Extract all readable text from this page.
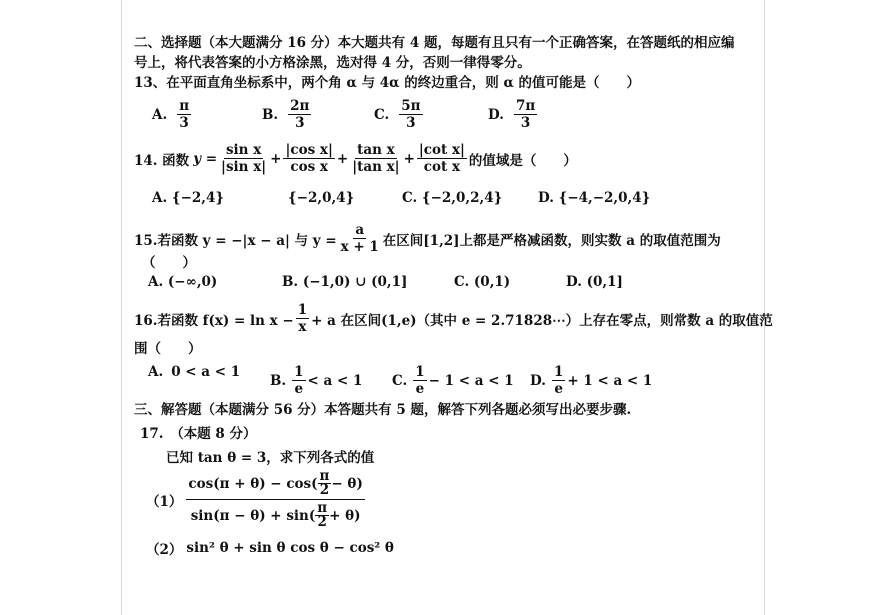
二、选择题（本大题满分 16 分）本大题共有 4 题，每题有且只有一个正确答案，在答题纸的相应编
号上，将代表答案的小方格涂黑，选对得 4 分，否则一律得零分。
13、在平面直角坐标系中，两个角 α 与 4α 的终边重合，则 α 的值可能是（　　）
A.
π
3
B.
2π
3
C.
5π
3
D.
7π
3
14. 函数 $y = \frac{\text{sin x}}{\text{|sin x|}} + \frac{\text{|cos x|}}{\text{cos x}} + \frac{\text{tan x}}{\text{|tan x|}} + \frac{\text{|cot x|}}{\text{cot x}}$ 的值域是（　　）
A. {−2,4}	{−2,0,4}	C. {−2,0,2,4}	D. {−4,−2,0,4}
15.若函数 y = −|x − a| 与 $y = \frac{a}{x + 1}$ 在区间[1,2]上都是严格减函数，则实数 a 的取值范围为
（　　）
A. (−∞,0)	B. (−1,0) ∪ (0,1]	C. (0,1)	D. (0,1]
16.若函数 $f(x) = \ln x - \frac{1}{x} + a$ 在区间(1,e)（其中 e = 2.71828⋯）上存在零点，则常数 a 的取值范
围（　　）
A. 0 < a < 1
B.
1
e
< a < 1 C.
1
e
− 1 < a < 1 D.
1
e
+ 1 < a < 1
三、解答题（本题满分 56 分）本答题共有 5 题，解答下列各题必须写出必要步骤.
17.　（本题 8 分）
已知 tan θ = 3，求下列各式的值
（1）
cos(π + θ) − cos( π
2 − θ)
sin(π − θ) + sin( π
2 + θ)
（2） sin² θ + sin θ cos θ − cos² θ
